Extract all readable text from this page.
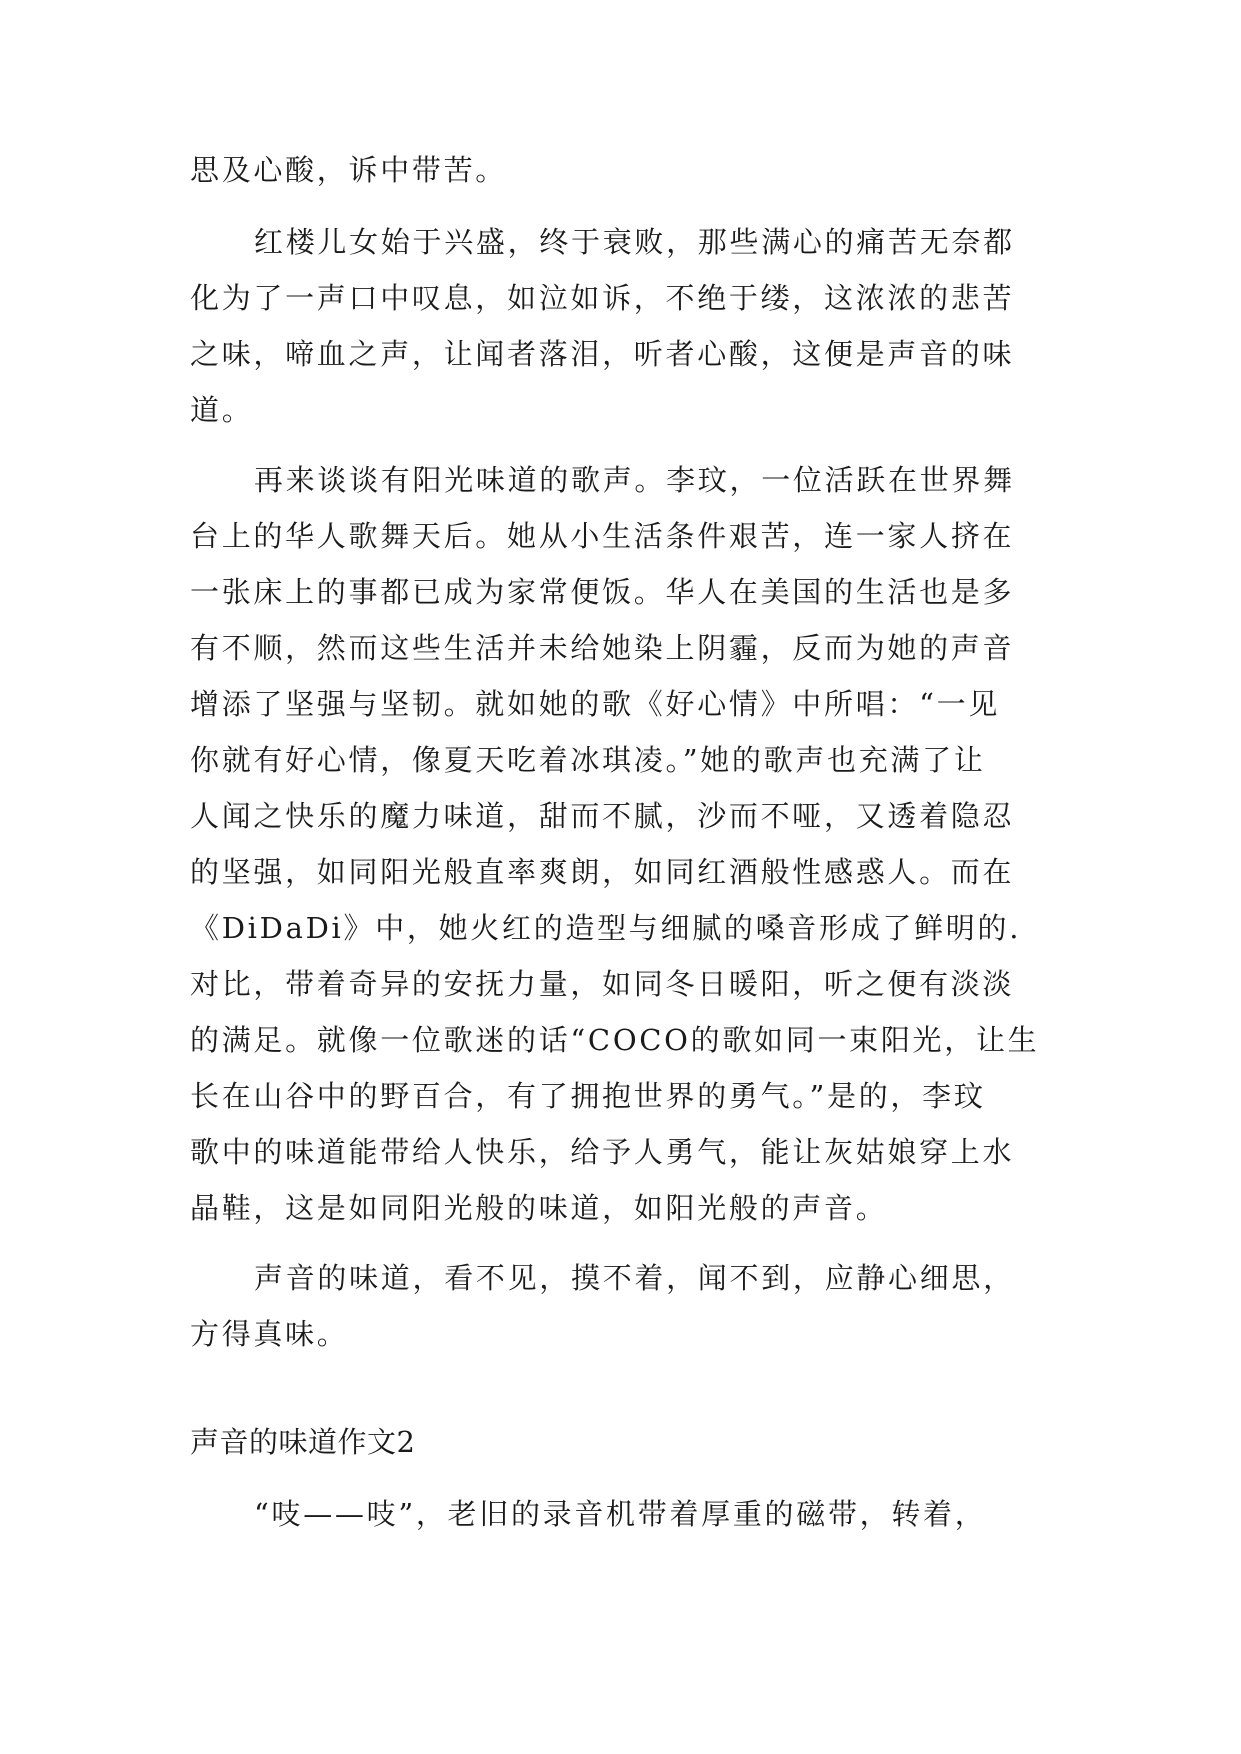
思及心酸，诉中带苦。
红楼儿女始于兴盛，终于衰败，那些满心的痛苦无奈都
化为了一声口中叹息，如泣如诉，不绝于缕，这浓浓的悲苦
之味，啼血之声，让闻者落泪，听者心酸，这便是声音的味
道。
再来谈谈有阳光味道的歌声。李玟，一位活跃在世界舞
台上的华人歌舞天后。她从小生活条件艰苦，连一家人挤在
一张床上的事都已成为家常便饭。华人在美国的生活也是多
有不顺，然而这些生活并未给她染上阴霾，反而为她的声音
增添了坚强与坚韧。就如她的歌《好心情》中所唱：“一见
你就有好心情，像夏天吃着冰琪凌。”她的歌声也充满了让
人闻之快乐的魔力味道，甜而不腻，沙而不哑，又透着隐忍
的坚强，如同阳光般直率爽朗，如同红酒般性感惑人。而在
《DiDaDi》中，她火红的造型与细腻的嗓音形成了鲜明的.
对比，带着奇异的安抚力量，如同冬日暖阳，听之便有淡淡
的满足。就像一位歌迷的话“COCO的歌如同一束阳光，让生
长在山谷中的野百合，有了拥抱世界的勇气。”是的，李玟
歌中的味道能带给人快乐，给予人勇气，能让灰姑娘穿上水
晶鞋，这是如同阳光般的味道，如阳光般的声音。
声音的味道，看不见，摸不着，闻不到，应静心细思，
方得真味。
声音的味道作文2
“吱——吱”，老旧的录音机带着厚重的磁带，转着，
